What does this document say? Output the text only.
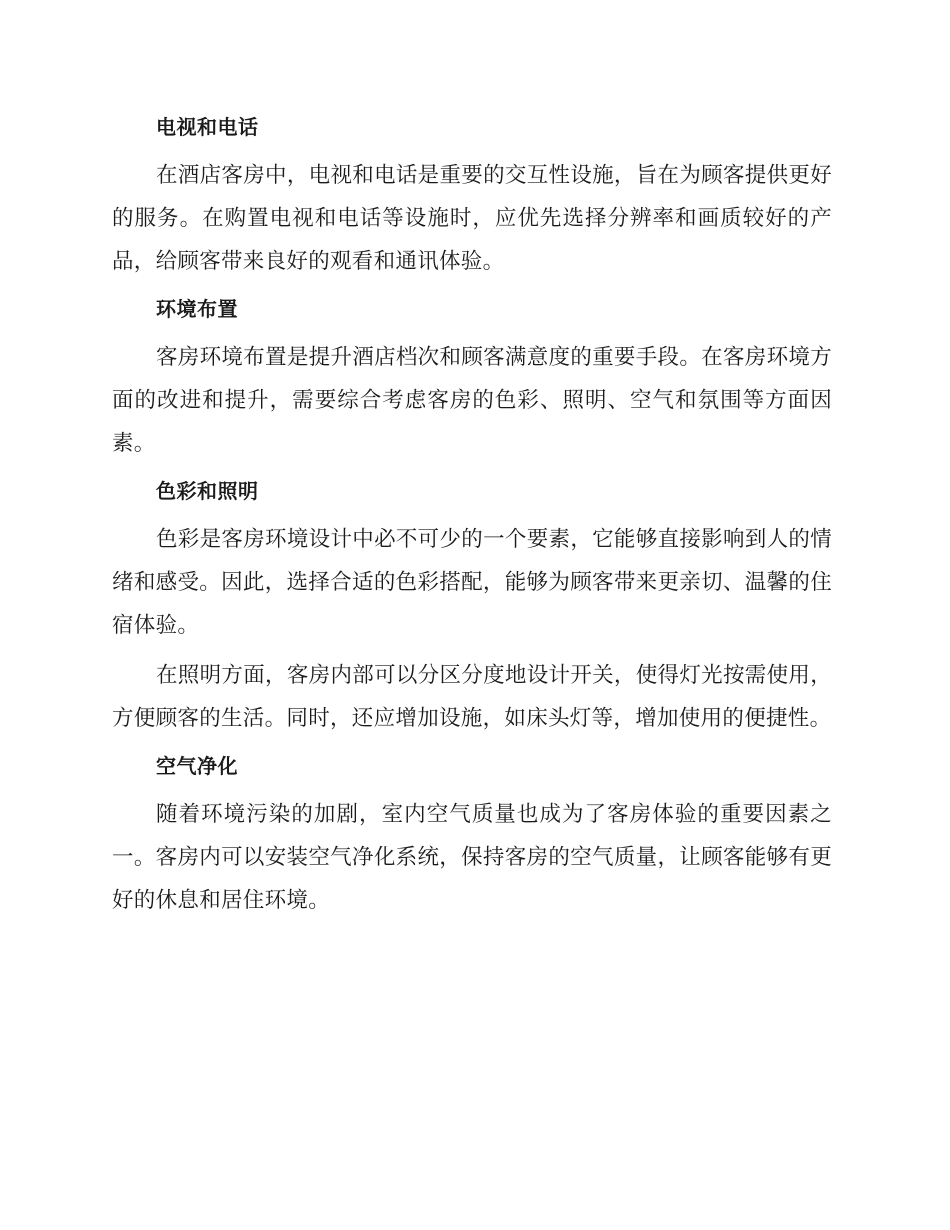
电视和电话

在酒店客房中，电视和电话是重要的交互性设施，旨在为顾客提供更好的服务。在购置电视和电话等设施时，应优先选择分辨率和画质较好的产品，给顾客带来良好的观看和通讯体验。

环境布置

客房环境布置是提升酒店档次和顾客满意度的重要手段。在客房环境方面的改进和提升，需要综合考虑客房的色彩、照明、空气和氛围等方面因素。

色彩和照明

色彩是客房环境设计中必不可少的一个要素，它能够直接影响到人的情绪和感受。因此，选择合适的色彩搭配，能够为顾客带来更亲切、温馨的住宿体验。

在照明方面，客房内部可以分区分度地设计开关，使得灯光按需使用，方便顾客的生活。同时，还应增加设施，如床头灯等，增加使用的便捷性。

空气净化

随着环境污染的加剧，室内空气质量也成为了客房体验的重要因素之一。客房内可以安装空气净化系统，保持客房的空气质量，让顾客能够有更好的休息和居住环境。
